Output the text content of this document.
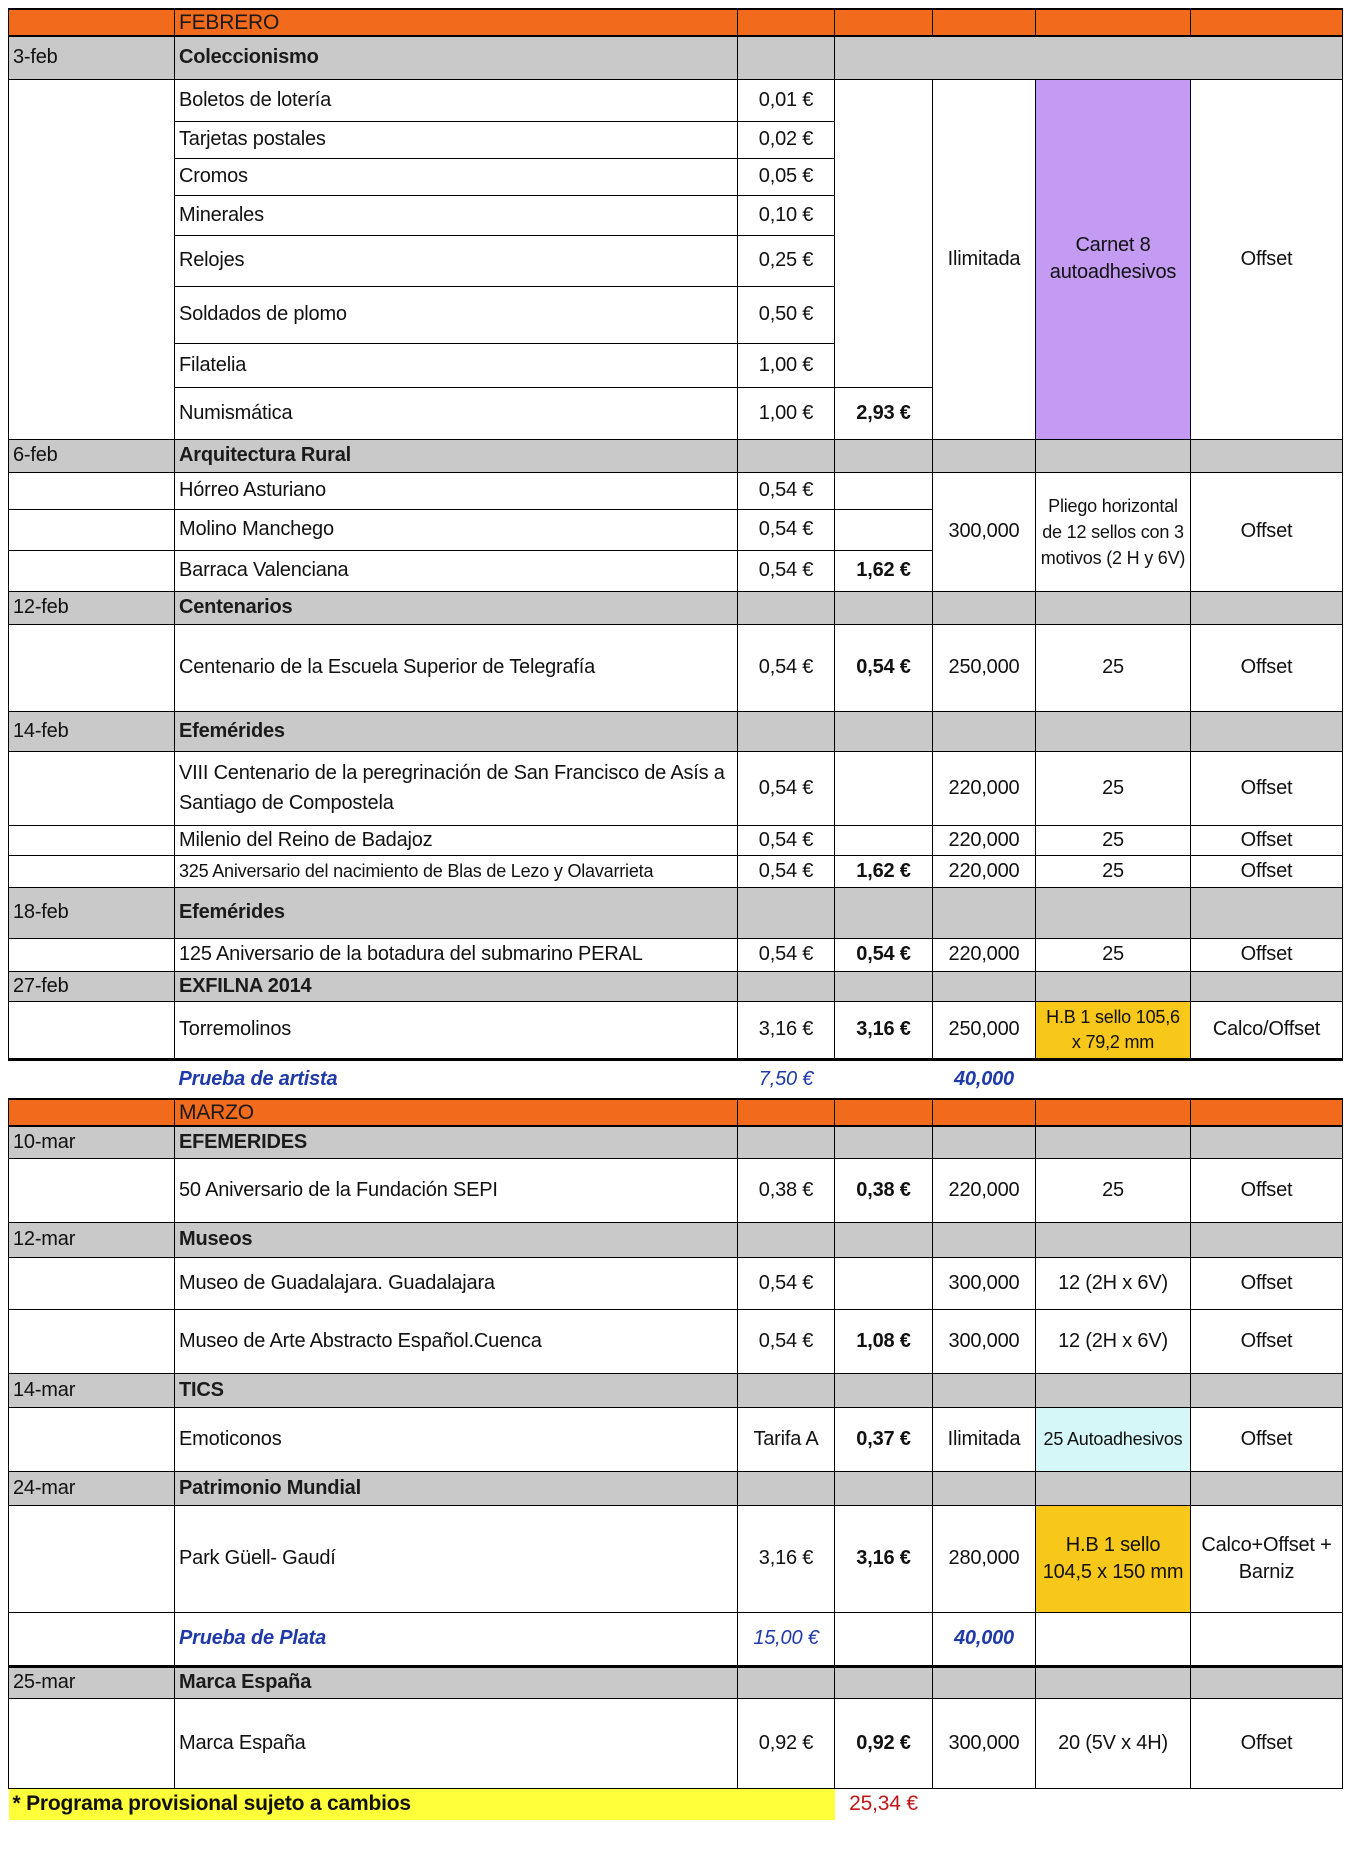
	FEBRERO					
3-feb	Coleccionismo					
	Boletos de lotería	0,01 €		Ilimitada	Carnet 8 autoadhesivos	Offset
	Tarjetas postales	0,02 €				
	Cromos	0,05 €				
	Minerales	0,10 €				
	Relojes	0,25 €				
	Soldados de plomo	0,50 €				
	Filatelia	1,00 €				
	Numismática	1,00 €	2,93 €			
6-feb	Arquitectura Rural					
	Hórreo Asturiano	0,54 €		300,000	Pliego horizontal de 12 sellos con 3 motivos (2 H y 6V)	Offset
	Molino Manchego	0,54 €				
	Barraca Valenciana	0,54 €	1,62 €			
12-feb	Centenarios					
	Centenario de la Escuela Superior de Telegrafía	0,54 €	0,54 €	250,000	25	Offset
14-feb	Efemérides					
	VIII Centenario de la peregrinación de San Francisco de Asís a Santiago de Compostela	0,54 €		220,000	25	Offset
	Milenio del Reino de Badajoz	0,54 €		220,000	25	Offset
	325 Aniversario del nacimiento de Blas de Lezo y Olavarrieta	0,54 €	1,62 €	220,000	25	Offset
18-feb	Efemérides					
	125 Aniversario de la botadura del submarino PERAL	0,54 €	0,54 €	220,000	25	Offset
27-feb	EXFILNA 2014					
	Torremolinos	3,16 €	3,16 €	250,000	H.B 1 sello 105,6 x 79,2 mm	Calco/Offset
	Prueba de artista	7,50 €		40,000		
	MARZO					
10-mar	EFEMERIDES					
	50 Aniversario de la Fundación SEPI	0,38 €	0,38 €	220,000	25	Offset
12-mar	Museos					
	Museo de Guadalajara. Guadalajara	0,54 €		300,000	12 (2H x 6V)	Offset
	Museo de Arte Abstracto Español.Cuenca	0,54 €	1,08 €	300,000	12 (2H x 6V)	Offset
14-mar	TICS					
	Emoticonos	Tarifa A	0,37 €	Ilimitada	25 Autoadhesivos	Offset
24-mar	Patrimonio Mundial					
	Park Güell- Gaudí	3,16 €	3,16 €	280,000	H.B 1 sello 104,5 x 150 mm	Calco+Offset + Barniz
	Prueba de Plata	15,00 €		40,000		
25-mar	Marca España					
	Marca España	0,92 €	0,92 €	300,000	20 (5V x 4H)	Offset
* Programa provisional sujeto a cambios			25,34 €			
